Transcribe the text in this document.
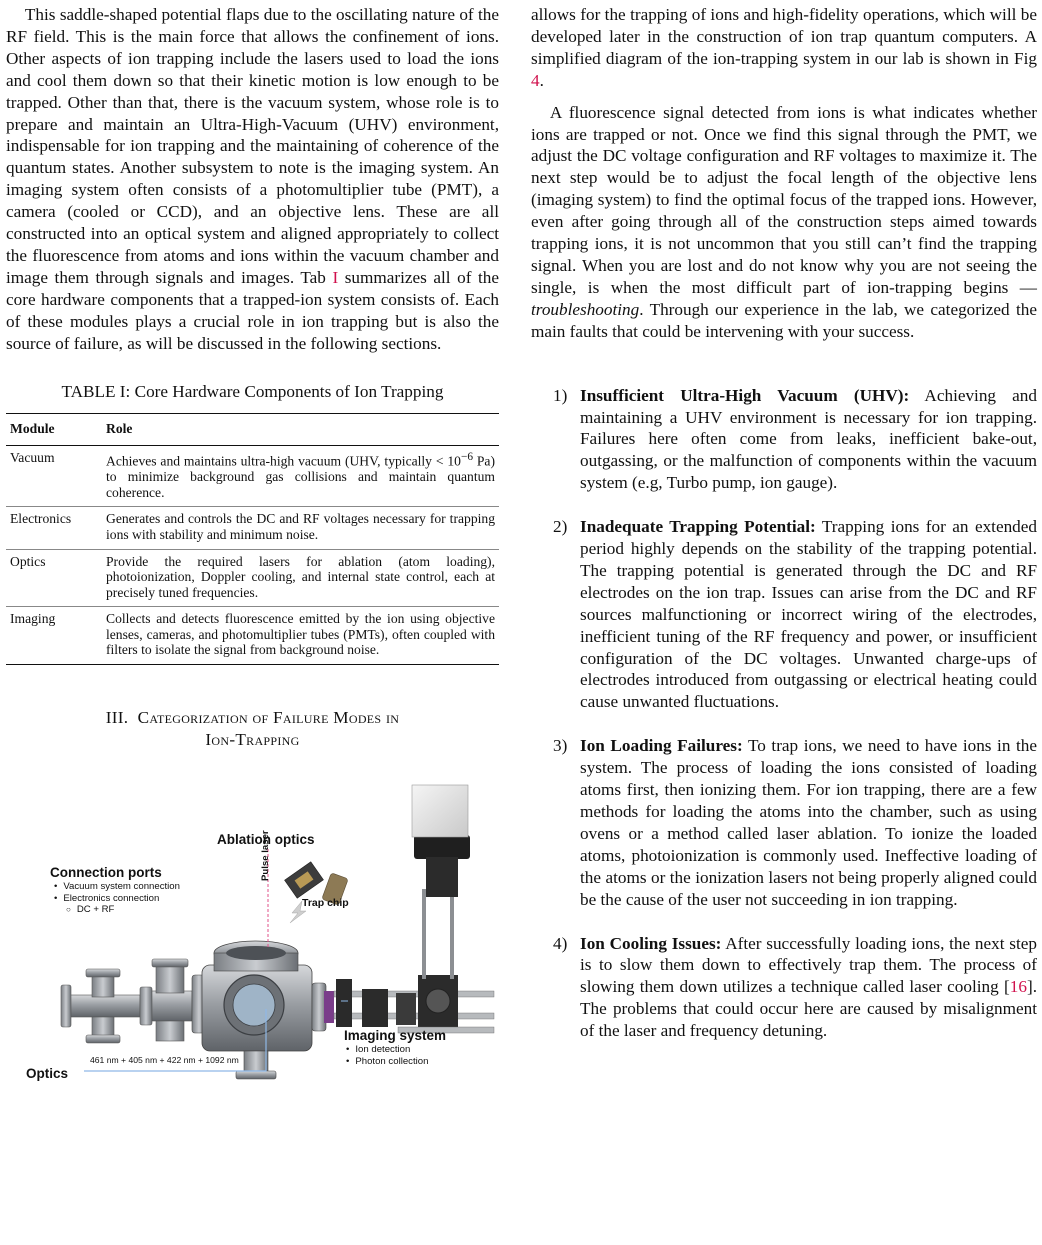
This saddle-shaped potential flaps due to the oscillating nature of the RF field. This is the main force that allows the confinement of ions. Other aspects of ion trapping include the lasers used to load the ions and cool them down so that their kinetic motion is low enough to be trapped. Other than that, there is the vacuum system, whose role is to prepare and maintain an Ultra-High-Vacuum (UHV) environment, indispensable for ion trapping and the maintaining of coherence of the quantum states. Another subsystem to note is the imaging system. An imaging system often consists of a photomultiplier tube (PMT), a camera (cooled or CCD), and an objective lens. These are all constructed into an optical system and aligned appropriately to collect the fluorescence from atoms and ions within the vacuum chamber and image them through signals and images. Tab I summarizes all of the core hardware components that a trapped-ion system consists of. Each of these modules plays a crucial role in ion trapping but is also the source of failure, as will be discussed in the following sections.

TABLE I: Core Hardware Components of Ion Trapping
Module	Role
Vacuum	Achieves and maintains ultra-high vacuum (UHV, typically < $10^{-6}$ Pa) to minimize background gas collisions and maintain quantum coherence.
Electronics	Generates and controls the DC and RF voltages necessary for trapping ions with stability and minimum noise.
Optics	Provide the required lasers for ablation (atom loading), photoionization, Doppler cooling, and internal state control, each at precisely tuned frequencies.
Imaging	Collects and detects fluorescence emitted by the ion using objective lenses, cameras, and photomultiplier tubes (PMTs), often coupled with filters to isolate the signal from background noise.
III. Categorization of Failure Modes in
Ion-Trapping
Ablation optics
Pulse laser
Trap chip
Connection ports
• Vacuum system connection
• Electronics connection
○ DC + RF
Imaging system
• Ion detection
• Photon collection
Optics
461 nm + 405 nm + 422 nm + 1092 nm

allows for the trapping of ions and high-fidelity operations, which will be developed later in the construction of ion trap quantum computers. A simplified diagram of the ion-trapping system in our lab is shown in Fig 4.

A fluorescence signal detected from ions is what indicates whether ions are trapped or not. Once we find this signal through the PMT, we adjust the DC voltage configuration and RF voltages to maximize it. The next step would be to adjust the focal length of the objective lens (imaging system) to find the optimal focus of the trapped ions. However, even after going through all of the construction steps aimed towards trapping ions, it is not uncommon that you still can’t find the trapping signal. When you are lost and do not know why you are not seeing the single, is when the most difficult part of ion-trapping begins —troubleshooting. Through our experience in the lab, we categorized the main faults that could be intervening with your success.

1) Insufficient Ultra-High Vacuum (UHV): Achieving and maintaining a UHV environment is necessary for ion trapping. Failures here often come from leaks, inefficient bake-out, outgassing, or the malfunction of components within the vacuum system (e.g, Turbo pump, ion gauge).
2) Inadequate Trapping Potential: Trapping ions for an extended period highly depends on the stability of the trapping potential. The trapping potential is generated through the DC and RF electrodes on the ion trap. Issues can arise from the DC and RF sources malfunctioning or incorrect wiring of the electrodes, inefficient tuning of the RF frequency and power, or insufficient configuration of the DC voltages. Unwanted charge-ups of electrodes introduced from outgassing or electrical heating could cause unwanted fluctuations.
3) Ion Loading Failures: To trap ions, we need to have ions in the system. The process of loading the ions consisted of loading atoms first, then ionizing them. For ion trapping, there are a few methods for loading the atoms into the chamber, such as using ovens or a method called laser ablation. To ionize the loaded atoms, photoionization is commonly used. Ineffective loading of the atoms or the ionization lasers not being properly aligned could be the cause of the user not succeeding in ion trapping.
4) Ion Cooling Issues: After successfully loading ions, the next step is to slow them down to effectively trap them. The process of slowing them down utilizes a technique called laser cooling [16]. The problems that could occur here are caused by misalignment of the laser and frequency detuning.
